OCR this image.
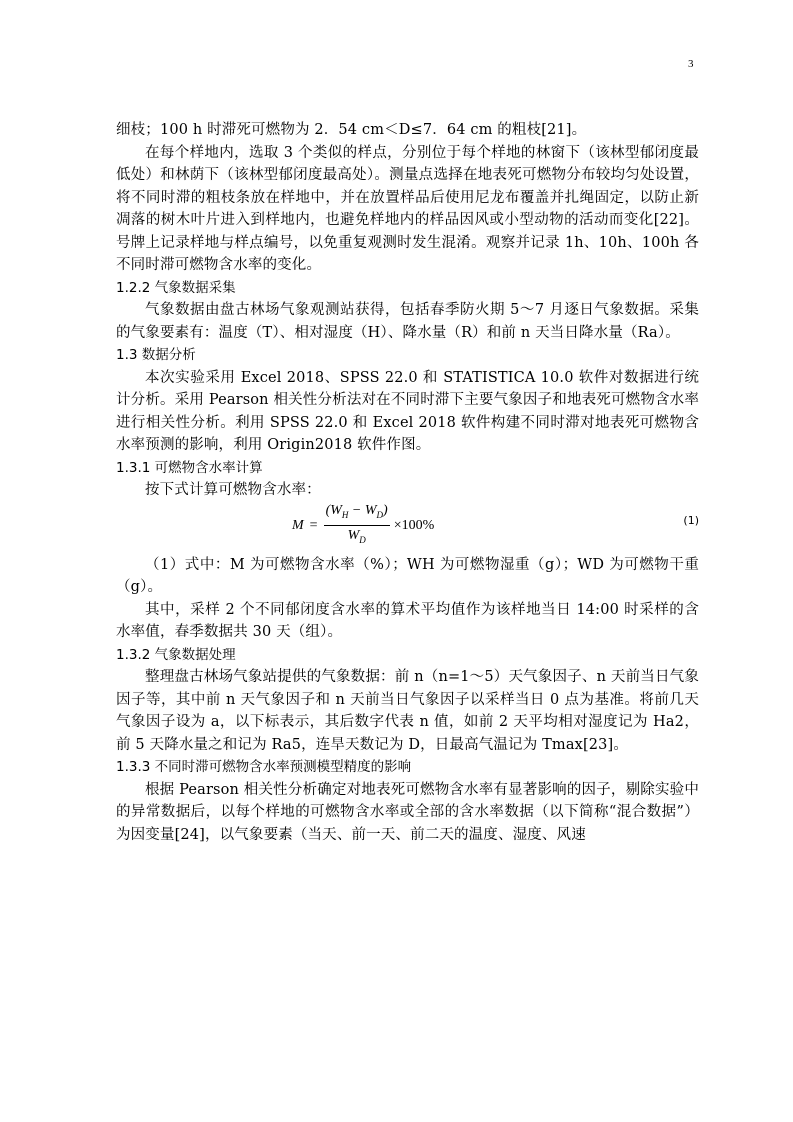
3

细枝；100 h 时滞死可燃物为 2．54 cm＜D≤7．64 cm 的粗枝[21]。

在每个样地内，选取 3 个类似的样点，分别位于每个样地的林窗下（该林型郁闭度最低处）和林荫下（该林型郁闭度最高处）。测量点选择在地表死可燃物分布较均匀处设置，将不同时滞的粗枝条放在样地中，并在放置样品后使用尼龙布覆盖并扎绳固定，以防止新凋落的树木叶片进入到样地内，也避免样地内的样品因风或小型动物的活动而变化[22]。号牌上记录样地与样点编号，以免重复观测时发生混淆。观察并记录 1h、10h、100h 各不同时滞可燃物含水率的变化。

1.2.2 气象数据采集

气象数据由盘古林场气象观测站获得，包括春季防火期 5～7 月逐日气象数据。采集的气象要素有：温度（T）、相对湿度（H）、降水量（R）和前 n 天当日降水量（Ra）。

1.3 数据分析

本次实验采用 Excel 2018、SPSS 22.0 和 STATISTICA 10.0 软件对数据进行统计分析。采用 Pearson 相关性分析法对在不同时滞下主要气象因子和地表死可燃物含水率进行相关性分析。利用 SPSS 22.0 和 Excel 2018 软件构建不同时滞对地表死可燃物含水率预测的影响，利用 Origin2018 软件作图。

1.3.1 可燃物含水率计算

按下式计算可燃物含水率：

$M = \frac{(W_H - W_D)}{W_D} \times 100\%$	(1)

（1）式中：M 为可燃物含水率（%）；WH 为可燃物湿重（g）；WD 为可燃物干重（g）。

其中，采样 2 个不同郁闭度含水率的算术平均值作为该样地当日 14:00 时采样的含水率值，春季数据共 30 天（组）。

1.3.2 气象数据处理

整理盘古林场气象站提供的气象数据：前 n（n=1～5）天气象因子、n 天前当日气象因子等，其中前 n 天气象因子和 n 天前当日气象因子以采样当日 0 点为基准。将前几天气象因子设为 a，以下标表示，其后数字代表 n 值，如前 2 天平均相对湿度记为 Ha2，前 5 天降水量之和记为 Ra5，连旱天数记为 D，日最高气温记为 Tmax[23]。

1.3.3 不同时滞可燃物含水率预测模型精度的影响

根据 Pearson 相关性分析确定对地表死可燃物含水率有显著影响的因子，剔除实验中的异常数据后，以每个样地的可燃物含水率或全部的含水率数据（以下简称“混合数据”）为因变量[24]，以气象要素（当天、前一天、前二天的温度、湿度、风速
